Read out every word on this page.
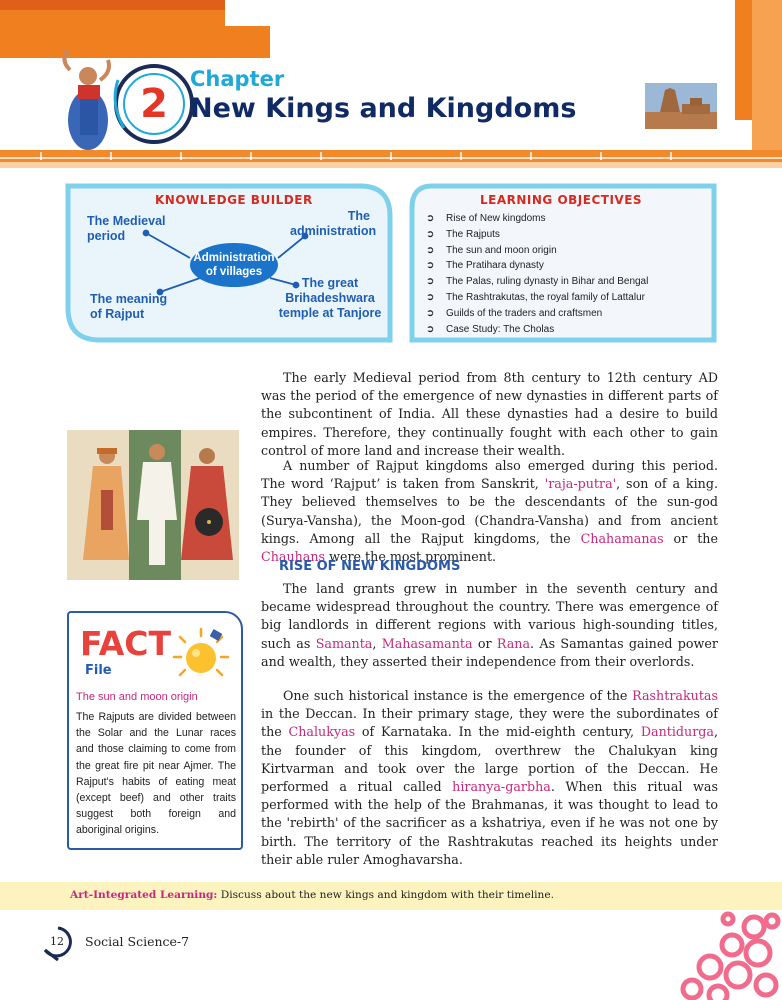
2
Chapter
New Kings and Kingdoms
KNOWLEDGE BUILDER
Administration
of villages
The Medieval
period
The
administration
The meaning
of Rajput
The great
Brihadeshwara
temple at Tanjore
LEARNING OBJECTIVES
➲	Rise of New kingdoms
➲	The Rajputs
➲	The sun and moon origin
➲	The Pratihara dynasty
➲	The Palas, ruling dynasty in Bihar and Bengal
➲	The Rashtrakutas, the royal family of Lattalur
➲	Guilds of the traders and craftsmen
➲	Case Study: The Cholas

The early Medieval period from 8th century to 12th century AD was the period of the emergence of new dynasties in different parts of the subcontinent of India. All these dynasties had a desire to build empires. Therefore, they continually fought with each other to gain control of more land and increase their wealth.

A number of Rajput kingdoms also emerged during this period. The word ‘Rajput’ is taken from Sanskrit, 'raja-putra', son of a king. They believed themselves to be the descendants of the sun-god (Surya-Vansha), the Moon-god (Chandra-Vansha) and from ancient kings. Among all the Rajput kingdoms, the Chahamanas or the Chauhans were the most prominent.

RISE OF NEW KINGDOMS

The land grants grew in number in the seventh century and became widespread throughout the country. There was emergence of big landlords in different regions with various high-sounding titles, such as Samanta, Mahasamanta or Rana. As Samantas gained power and wealth, they asserted their independence from their overlords.

One such historical instance is the emergence of the Rashtrakutas in the Deccan. In their primary stage, they were the subordinates of the Chalukyas of Karnataka. In the mid-eighth century, Dantidurga, the founder of this kingdom, overthrew the Chalukyan king Kirtvarman and took over the large portion of the Deccan. He performed a ritual called hiranya-garbha. When this ritual was performed with the help of the Brahmanas, it was thought to lead to the 'rebirth' of the sacrificer as a kshatriya, even if he was not one by birth. The territory of the Rashtrakutas reached its heights under their able ruler Amoghavarsha.

FACT
File
The sun and moon origin

The Rajputs are divided between the Solar and the Lunar races and those claiming to come from the great fire pit near Ajmer. The Rajput's habits of eating meat (except beef) and other traits suggest both foreign and aboriginal origins.

Art-Integrated Learning: Discuss about the new kings and kingdom with their timeline.
12	Social Science-7
